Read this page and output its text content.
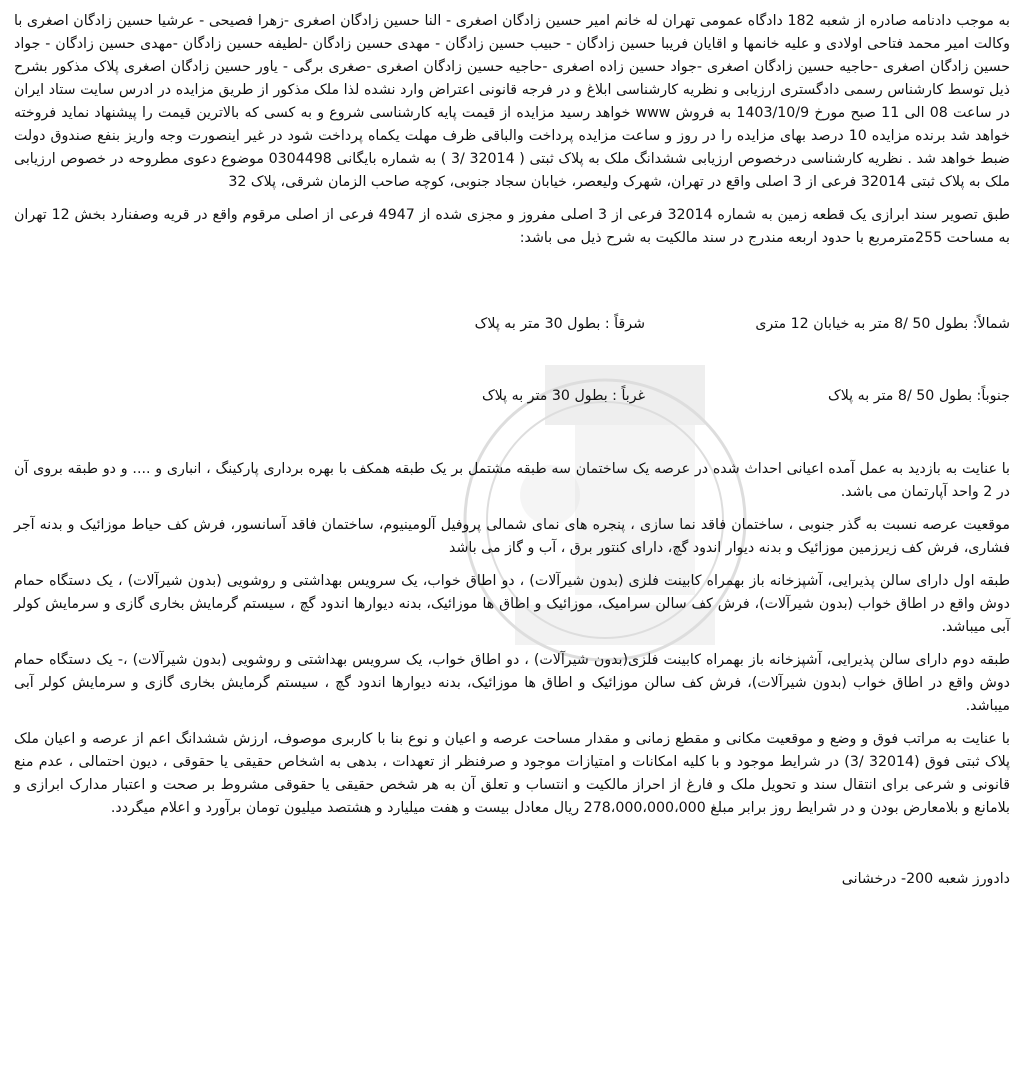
به موجب دادنامه صادره از شعبه 182 دادگاه عمومی تهران له خانم امیر حسین زادگان اصغری - النا حسین زادگان اصغری -زهرا فصیحی - عرشیا حسین زادگان اصغری با وکالت امیر محمد فتاحی اولادی و علیه خانمها و اقایان فریبا حسین زادگان - حبیب حسین زادگان - مهدی حسین زادگان -لطیفه حسین زادگان -مهدی حسین زادگان - جواد حسین زادگان اصغری -حاجیه حسین زادگان اصغری -جواد حسین زاده اصغری -حاجیه حسین زادگان اصغری -صغری برگی - یاور حسین زادگان اصغری پلاک مذکور بشرح ذیل توسط کارشناس رسمی دادگستری ارزیابی و نظریه کارشناسی ابلاغ و در فرجه قانونی اعتراض وارد نشده لذا ملک مذکور از طریق مزایده در ادرس سایت ستاد ایران در ساعت 08 الی 11 صبح مورخ 1403/10/9 به فروش www خواهد رسید مزایده از قیمت پایه کارشناسی شروع و به کسی که بالاترین قیمت را پیشنهاد نماید فروخته خواهد شد برنده مزایده 10 درصد بهای مزایده را در روز و ساعت مزایده پرداخت والباقی ظرف مهلت یکماه پرداخت شود در غیر اینصورت وجه واریز بنفع صندوق دولت ضبط خواهد شد . نظریه کارشناسی درخصوص ارزیابی ششدانگ ملک به پلاک ثبتی ( 32014 /3 ) به شماره بایگانی 0304498 موضوع دعوی مطروحه در خصوص ارزیابی ملک به پلاک ثبتی 32014 فرعی از 3 اصلی واقع در تهران، شهرک ولیعصر، خیابان سجاد جنوبی، کوچه صاحب الزمان شرقی، پلاک 32

طبق تصویر سند ابرازی یک قطعه زمین به شماره 32014 فرعی از 3 اصلی مفروز و مجزی شده از 4947 فرعی از اصلی مرقوم واقع در قریه وصفنارد بخش 12 تهران به مساحت 255مترمربع با حدود اربعه مندرج در سند مالکیت به شرح ذیل می باشد:

شمالاً: بطول 50 /8 متر به خیابان 12 متری
شرقاً : بطول 30 متر به پلاک
جنوباً: بطول 50 /8 متر به پلاک
غرباً : بطول 30 متر به پلاک

با عنایت به بازدید به عمل آمده اعیانی احداث شده در عرصه یک ساختمان سه طبقه مشتمل بر یک طبقه همکف با بهره برداری پارکینگ ، انباری و .... و دو طبقه بروی آن در 2 واحد آپارتمان می باشد.

موقعیت عرصه نسبت به گذر جنوبی ، ساختمان فاقد نما سازی ، پنجره های نمای شمالی پروفیل آلومینیوم، ساختمان فاقد آسانسور، فرش کف حیاط موزائیک و بدنه آجر فشاری، فرش کف زیرزمین موزائیک و بدنه دیوار اندود گچ، دارای کنتور برق ، آب و گاز می باشد

طبقه اول دارای سالن پذیرایی، آشپزخانه باز بهمراه کابینت فلزی (بدون شیرآلات) ، دو اطاق خواب، یک سرویس بهداشتی و روشویی (بدون شیرآلات) ، یک دستگاه حمام دوش واقع در اطاق خواب (بدون شیرآلات)، فرش کف سالن سرامیک، موزائیک و اطاق ها موزائیک، بدنه دیوارها اندود گچ ، سیستم گرمایش بخاری گازی و سرمایش کولر آبی میباشد.

طبقه دوم دارای سالن پذیرایی، آشپزخانه باز بهمراه کابینت فلزی(بدون شیرآلات) ، دو اطاق خواب، یک سرویس بهداشتی و روشویی (بدون شیرآلات) ،- یک دستگاه حمام دوش واقع در اطاق خواب (بدون شیرآلات)، فرش کف سالن موزائیک و اطاق ها موزائیک، بدنه دیوارها اندود گچ ، سیستم گرمایش بخاری گازی و سرمایش کولر آبی میباشد.

با عنایت به مراتب فوق و وضع و موقعیت مکانی و مقطع زمانی و مقدار مساحت عرصه و اعیان و نوع بنا با کاربری موصوف، ارزش ششدانگ اعم از عرصه و اعیان ملک پلاک ثبتی فوق (32014 /3) در شرایط موجود و با کلیه امکانات و امتیازات موجود و صرفنظر از تعهدات ، بدهی به اشخاص حقیقی یا حقوقی ، دیون احتمالی ، عدم منع قانونی و شرعی برای انتقال سند و تحویل ملک و فارغ از احراز مالکیت و انتساب و تعلق آن به هر شخص حقیقی یا حقوقی مشروط بر صحت و اعتبار مدارک ابرازی و بلامانع و بلامعارض بودن و در شرایط روز برابر مبلغ 278،000،000،000 ریال معادل بیست و هفت میلیارد و هشتصد میلیون تومان برآورد و اعلام میگردد.

دادورز شعبه 200- درخشانی
